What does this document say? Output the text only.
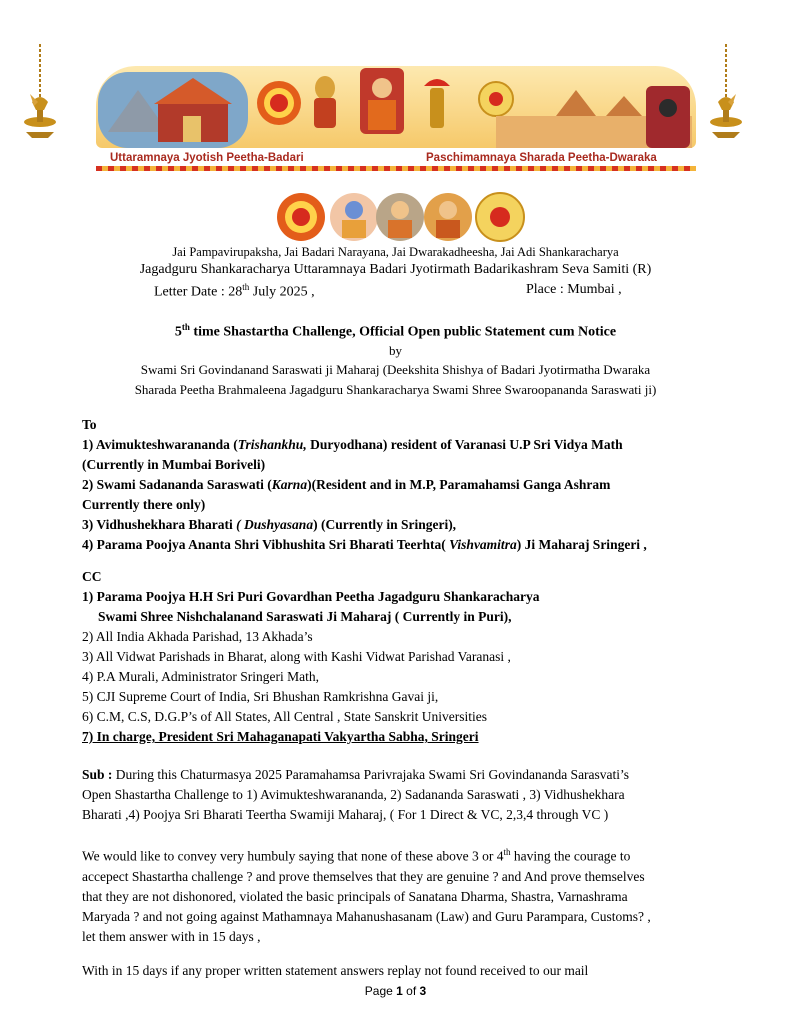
Uttaramnaya Jyotish Peetha-Badari	Paschimamnaya Sharada Peetha-Dwaraka
Jai Pampavirupaksha, Jai Badari Narayana, Jai Dwarakadheesha, Jai Adi Shankaracharya
Jagadguru Shankaracharya Uttaramnaya Badari Jyotirmath Badarikashram Seva Samiti (R)
Letter Date : 28th July 2025 ,	Place : Mumbai ,
5th time Shastartha Challenge, Official Open public Statement cum Notice
by
Swami Sri Govindanand Saraswati ji Maharaj (Deekshita Shishya of Badari Jyotirmatha Dwaraka
Sharada Peetha Brahmaleena Jagadguru Shankaracharya Swami Shree Swaroopananda Saraswati ji)

To

1) Avimukteshwarananda (Trishankhu, Duryodhana) resident of Varanasi U.P Sri Vidya Math

(Currently in Mumbai Boriveli)

2) Swami Sadananda Saraswati (Karna)(Resident and in M.P, Paramahamsi Ganga Ashram

Currently there only)

3) Vidhushekhara Bharati ( Dushyasana) (Currently in Sringeri),

4) Parama Poojya Ananta Shri Vibhushita Sri Bharati Teerhta( Vishvamitra) Ji Maharaj Sringeri ,

CC

1) Parama Poojya H.H Sri Puri Govardhan Peetha Jagadguru Shankaracharya

Swami Shree Nishchalanand Saraswati Ji Maharaj ( Currently in Puri),

2) All India Akhada Parishad, 13 Akhada’s

3) All Vidwat Parishads in Bharat, along with Kashi Vidwat Parishad Varanasi ,

4) P.A Murali, Administrator Sringeri Math,

5) CJI Supreme Court of India, Sri Bhushan Ramkrishna Gavai ji,

6) C.M, C.S, D.G.P’s of All States, All Central , State Sanskrit Universities

7) In charge, President Sri Mahaganapati Vakyartha Sabha, Sringeri

Sub : During this Chaturmasya 2025 Paramahamsa Parivrajaka Swami Sri Govindananda Sarasvati’s

Open Shastartha Challenge to 1) Avimukteshwarananda, 2) Sadananda Saraswati , 3) Vidhushekhara

Bharati ,4) Poojya Sri Bharati Teertha Swamiji Maharaj, ( For 1 Direct & VC, 2,3,4 through VC )

We would like to convey very humbuly saying that none of these above 3 or 4th having the courage to

accepect Shastartha challenge ? and prove themselves that they are genuine ? and And prove themselves

that they are not dishonored, violated the basic principals of Sanatana Dharma, Shastra, Varnashrama

Maryada ? and not going against Mathamnaya Mahanushasanam (Law) and Guru Parampara, Customs? ,

let them answer with in 15 days ,

With in 15 days if any proper written statement answers replay not found received to our mail

Page 1 of 3
